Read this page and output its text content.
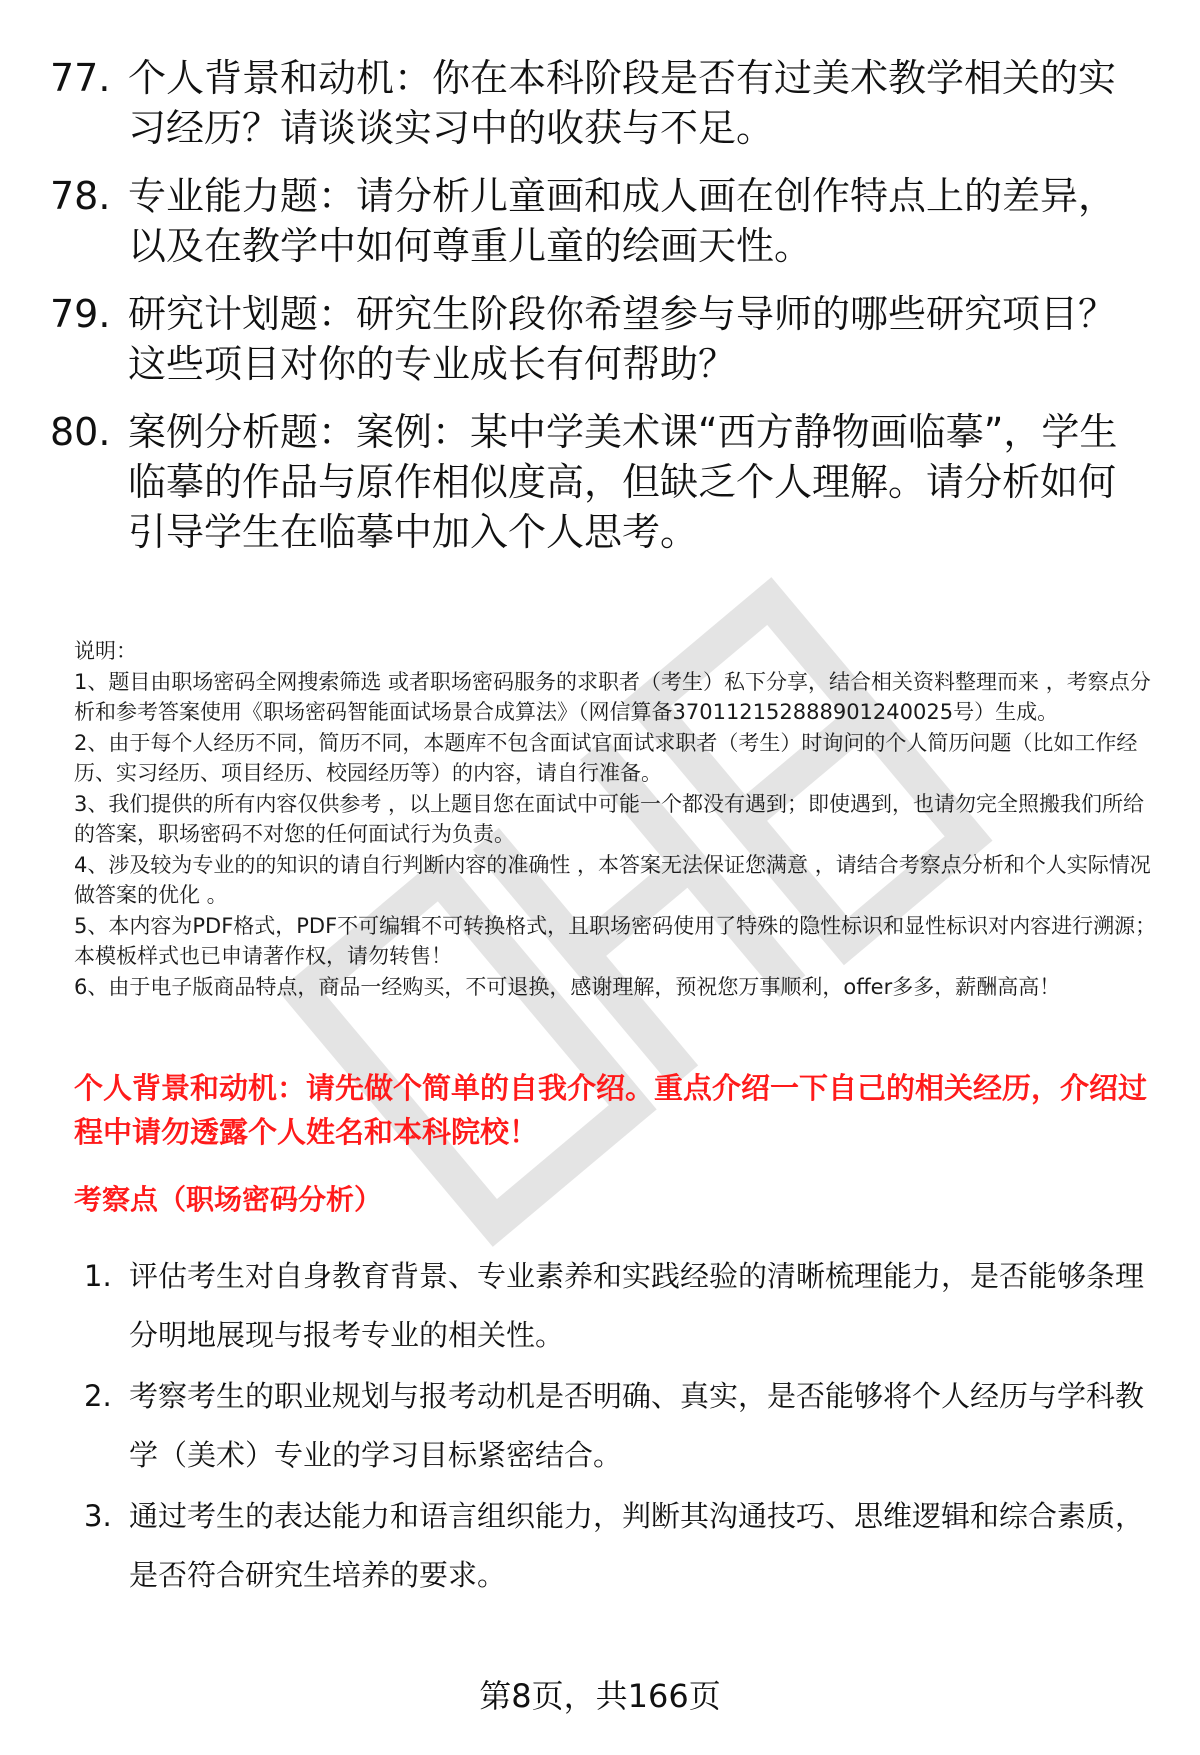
77. 个人背景和动机：你在本科阶段是否有过美术教学相关的实习经历？请谈谈实习中的收获与不足。
78. 专业能力题：请分析儿童画和成人画在创作特点上的差异，以及在教学中如何尊重儿童的绘画天性。
79. 研究计划题：研究生阶段你希望参与导师的哪些研究项目？这些项目对你的专业成长有何帮助？
80. 案例分析题：案例：某中学美术课“西方静物画临摹”，学生临摹的作品与原作相似度高，但缺乏个人理解。请分析如何引导学生在临摹中加入个人思考。
说明：
1、题目由职场密码全网搜索筛选 或者职场密码服务的求职者（考生）私下分享，结合相关资料整理而来 ，考察点分析和参考答案使用《职场密码智能面试场景合成算法》（网信算备370112152888901240025号）生成。
2、由于每个人经历不同，简历不同，本题库不包含面试官面试求职者（考生）时询问的个人简历问题（比如工作经历、实习经历、项目经历、校园经历等）的内容，请自行准备。
3、我们提供的所有内容仅供参考 ，以上题目您在面试中可能一个都没有遇到；即使遇到，也请勿完全照搬我们所给的答案，职场密码不对您的任何面试行为负责。
4、涉及较为专业的的知识的请自行判断内容的准确性 ，本答案无法保证您满意 ，请结合考察点分析和个人实际情况做答案的优化 。
5、本内容为PDF格式，PDF不可编辑不可转换格式，且职场密码使用了特殊的隐性标识和显性标识对内容进行溯源；本模板样式也已申请著作权，请勿转售！
6、由于电子版商品特点，商品一经购买，不可退换，感谢理解，预祝您万事顺利，offer多多，薪酬高高！
个人背景和动机：请先做个简单的自我介绍。重点介绍一下自己的相关经历，介绍过程中请勿透露个人姓名和本科院校！
考察点（职场密码分析）
1. 评估考生对自身教育背景、专业素养和实践经验的清晰梳理能力，是否能够条理分明地展现与报考专业的相关性。
2. 考察考生的职业规划与报考动机是否明确、真实，是否能够将个人经历与学科教学（美术）专业的学习目标紧密结合。
3. 通过考生的表达能力和语言组织能力，判断其沟通技巧、思维逻辑和综合素质，是否符合研究生培养的要求。
第8页，共166页
